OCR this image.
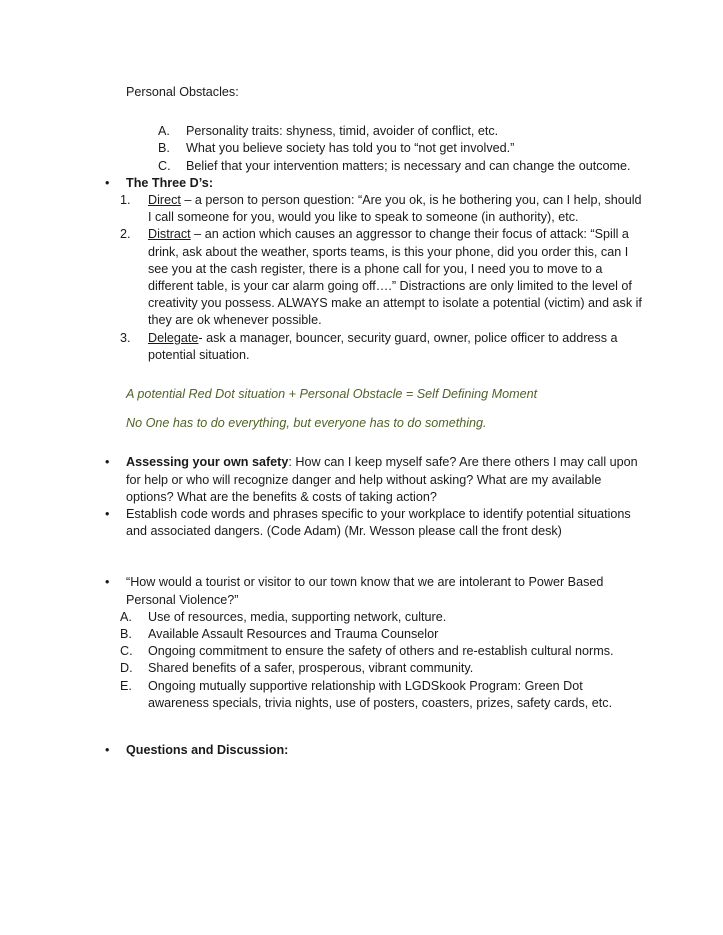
Personal Obstacles:
A.	Personality traits: shyness, timid, avoider of conflict, etc.
B.	What you believe society has told you to “not get involved.”
C.	Belief that your intervention matters; is necessary and can change the outcome.
•	The Three D’s:
1.	Direct – a person to person question: “Are you ok, is he bothering you, can I help, should I call someone for you, would you like to speak to someone (in authority), etc.
2.	Distract – an action which causes an aggressor to change their focus of attack: “Spill a drink, ask about the weather, sports teams, is this your phone, did you order this, can I see you at the cash register, there is a phone call for you, I need you to move to a different table, is your car alarm going off….” Distractions are only limited to the level of creativity you possess. ALWAYS make an attempt to isolate a potential (victim) and ask if they are ok whenever possible.
3.	Delegate- ask a manager, bouncer, security guard, owner, police officer to address a potential situation.
A potential Red Dot situation + Personal Obstacle = Self Defining Moment
No One has to do everything, but everyone has to do something.
•	Assessing your own safety: How can I keep myself safe? Are there others I may call upon for help or who will recognize danger and help without asking? What are my available options? What are the benefits & costs of taking action?
•	Establish code words and phrases specific to your workplace to identify potential situations and associated dangers. (Code Adam) (Mr. Wesson please call the front desk)
•	“How would a tourist or visitor to our town know that we are intolerant to Power Based Personal Violence?”
A.	Use of resources, media, supporting network, culture.
B.	Available Assault Resources and Trauma Counselor
C.	Ongoing commitment to ensure the safety of others and re-establish cultural norms.
D.	Shared benefits of a safer, prosperous, vibrant community.
E.	Ongoing mutually supportive relationship with LGDSkook Program: Green Dot awareness specials, trivia nights, use of posters, coasters, prizes, safety cards, etc.
•	Questions and Discussion:
